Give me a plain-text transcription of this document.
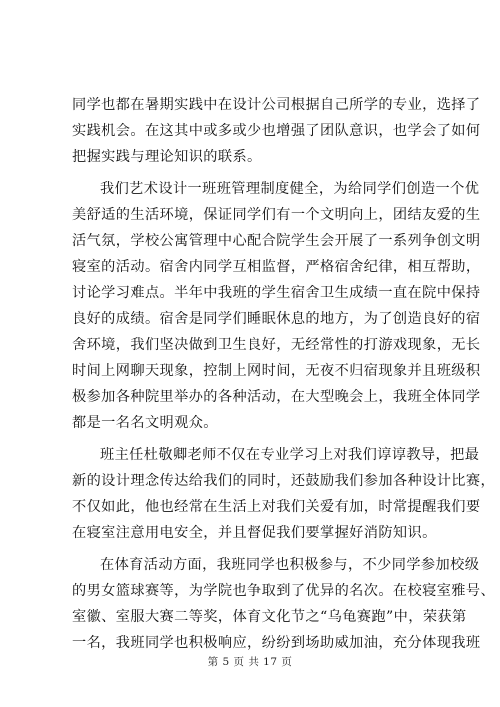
同学也都在暑期实践中在设计公司根据自己所学的专业，选择了
实践机会。在这其中或多或少也增强了团队意识，也学会了如何
把握实践与理论知识的联系。
我们艺术设计一班班管理制度健全，为给同学们创造一个优
美舒适的生活环境，保证同学们有一个文明向上，团结友爱的生
活气氛，学校公寓管理中心配合院学生会开展了一系列争创文明
寝室的活动。宿舍内同学互相监督，严格宿舍纪律，相互帮助，
讨论学习难点。半年中我班的学生宿舍卫生成绩一直在院中保持
良好的成绩。宿舍是同学们睡眠休息的地方，为了创造良好的宿
舍环境，我们坚决做到卫生良好，无经常性的打游戏现象，无长
时间上网聊天现象，控制上网时间，无夜不归宿现象并且班级积
极参加各种院里举办的各种活动，在大型晚会上，我班全体同学
都是一名名文明观众。
班主任杜敬卿老师不仅在专业学习上对我们谆谆教导，把最
新的设计理念传达给我们的同时，还鼓励我们参加各种设计比赛，
不仅如此，他也经常在生活上对我们关爱有加，时常提醒我们要
在寝室注意用电安全，并且督促我们要掌握好消防知识。
在体育活动方面，我班同学也积极参与，不少同学参加校级
的男女篮球赛等，为学院也争取到了优异的名次。在校寝室雅号、
室徽、室服大赛二等奖，体育文化节之“乌龟赛跑”中，荣获第
一名，我班同学也积极响应，纷纷到场助威加油，充分体现我班
第 5 页 共 17 页
